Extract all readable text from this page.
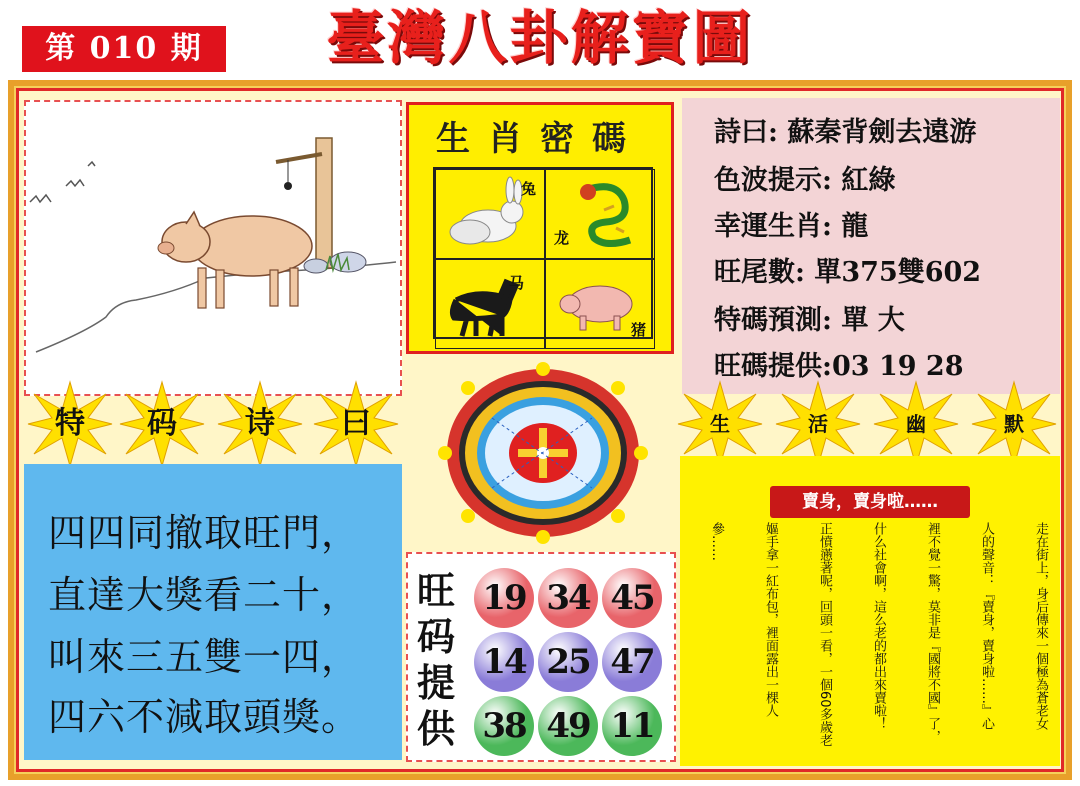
第 010 期	臺灣八卦解寶圖
生肖密碼
兔
龙
马
猪
詩曰: 蘇秦背劍去遠游
色波提示: 紅綠
幸運生肖: 龍
旺尾數: 單375雙602
特碼預測: 單 大
旺碼提供:03 19 28
特	码	诗	曰	生	活	幽	默
四四同撤取旺門，
直達大獎看二十，
叫來三五雙一四，
四六不減取頭獎。
旺
码
提
供
19 34 45
14 25 47
38 49 11
賣身，賣身啦……
走在街上，身后傳來一個極為蒼老女
人的聲音：『賣身，賣身啦……』心
裡不覺一驚，莫非是『國將不國』了，
什么社會啊，這么老的都出來賣啦！
正憤懣著呢，回頭一看，一個60多歲老
嫗手拿一紅布包，裡面露出一棵人
參……
